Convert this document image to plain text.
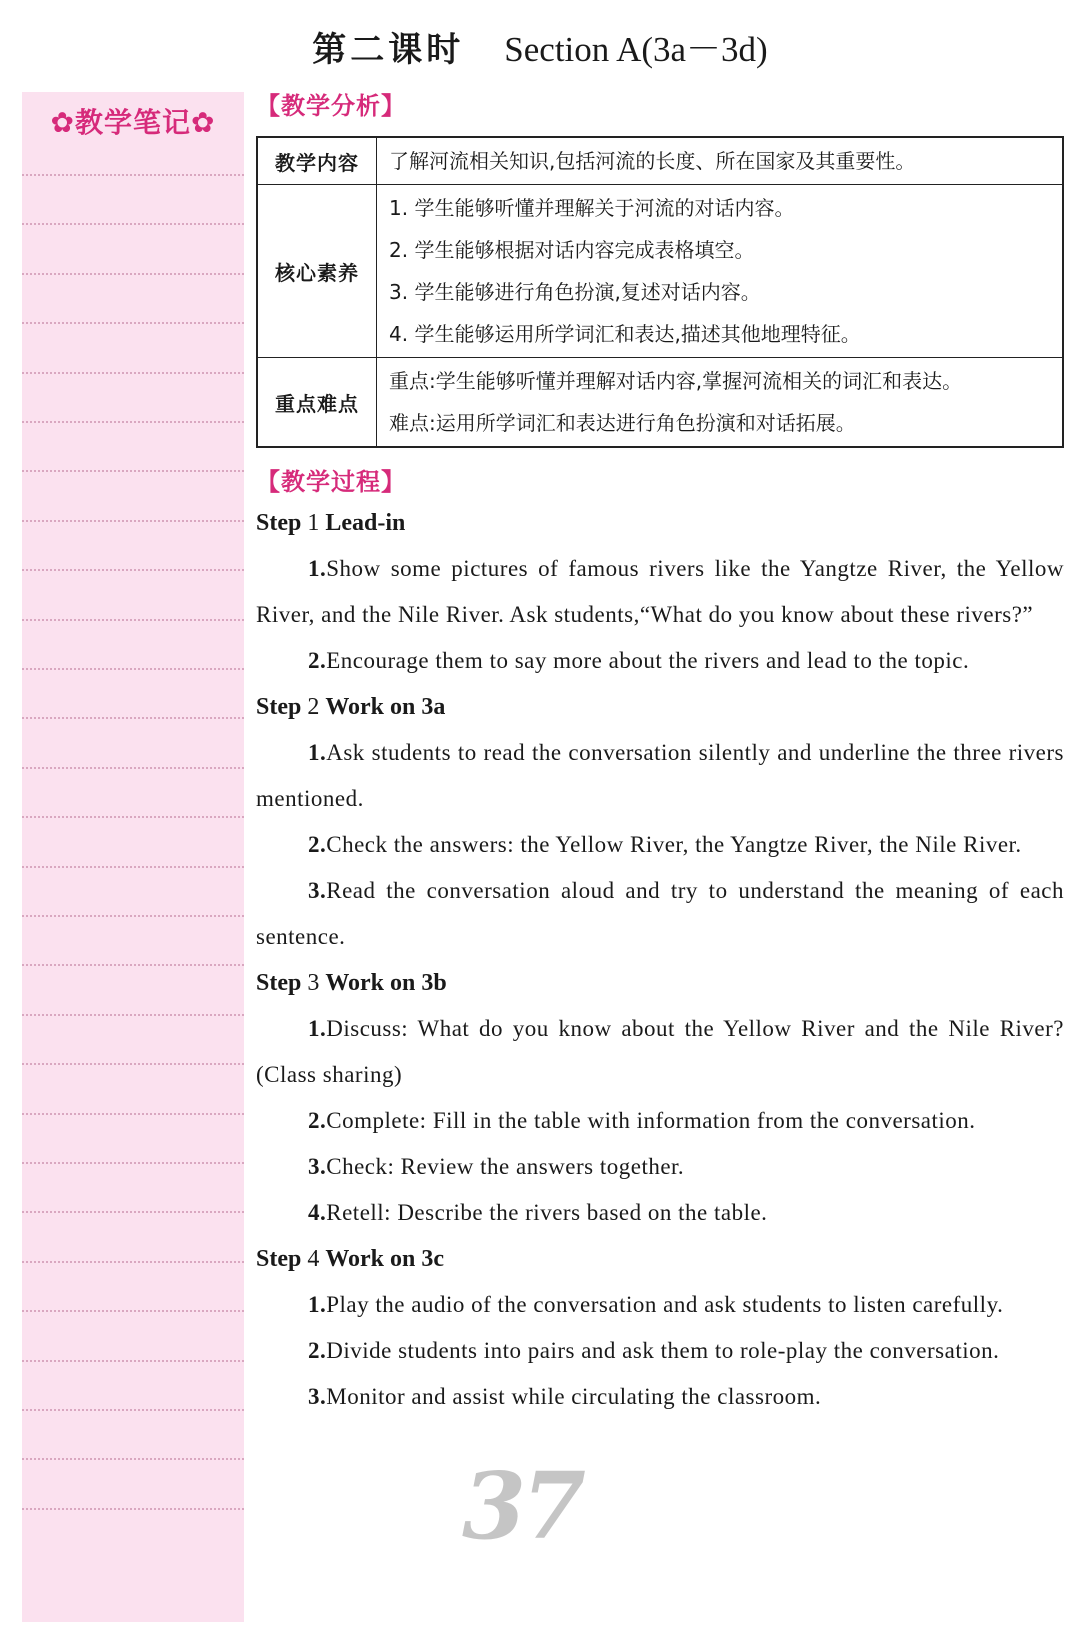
第二课时 Section A(3a－3d)
✿教学笔记✿	【教学分析】
教学内容	了解河流相关知识,包括河流的长度、所在国家及其重要性。

核心素养	1. 学生能够听懂并理解关于河流的对话内容。
2. 学生能够根据对话内容完成表格填空。
3. 学生能够进行角色扮演,复述对话内容。
4. 学生能够运用所学词汇和表达,描述其他地理特征。

重点难点	重点:学生能够听懂并理解对话内容,掌握河流相关的词汇和表达。
难点:运用所学词汇和表达进行角色扮演和对话拓展。
【教学过程】
Step 1 Lead-in
1.Show some pictures of famous rivers like the Yangtze River, the Yellow River, and the Nile River. Ask students,“What do you know about these rivers?”
2.Encourage them to say more about the rivers and lead to the topic.
Step 2 Work on 3a
1.Ask students to read the conversation silently and underline the three rivers mentioned.
2.Check the answers: the Yellow River, the Yangtze River, the Nile River.
3.Read the conversation aloud and try to understand the meaning of each sentence.
Step 3 Work on 3b
1.Discuss: What do you know about the Yellow River and the Nile River? (Class sharing)
2.Complete: Fill in the table with information from the conversation.
3.Check: Review the answers together.
4.Retell: Describe the rivers based on the table.
Step 4 Work on 3c
1.Play the audio of the conversation and ask students to listen carefully.
2.Divide students into pairs and ask them to role-play the conversation.
3.Monitor and assist while circulating the classroom.
37
